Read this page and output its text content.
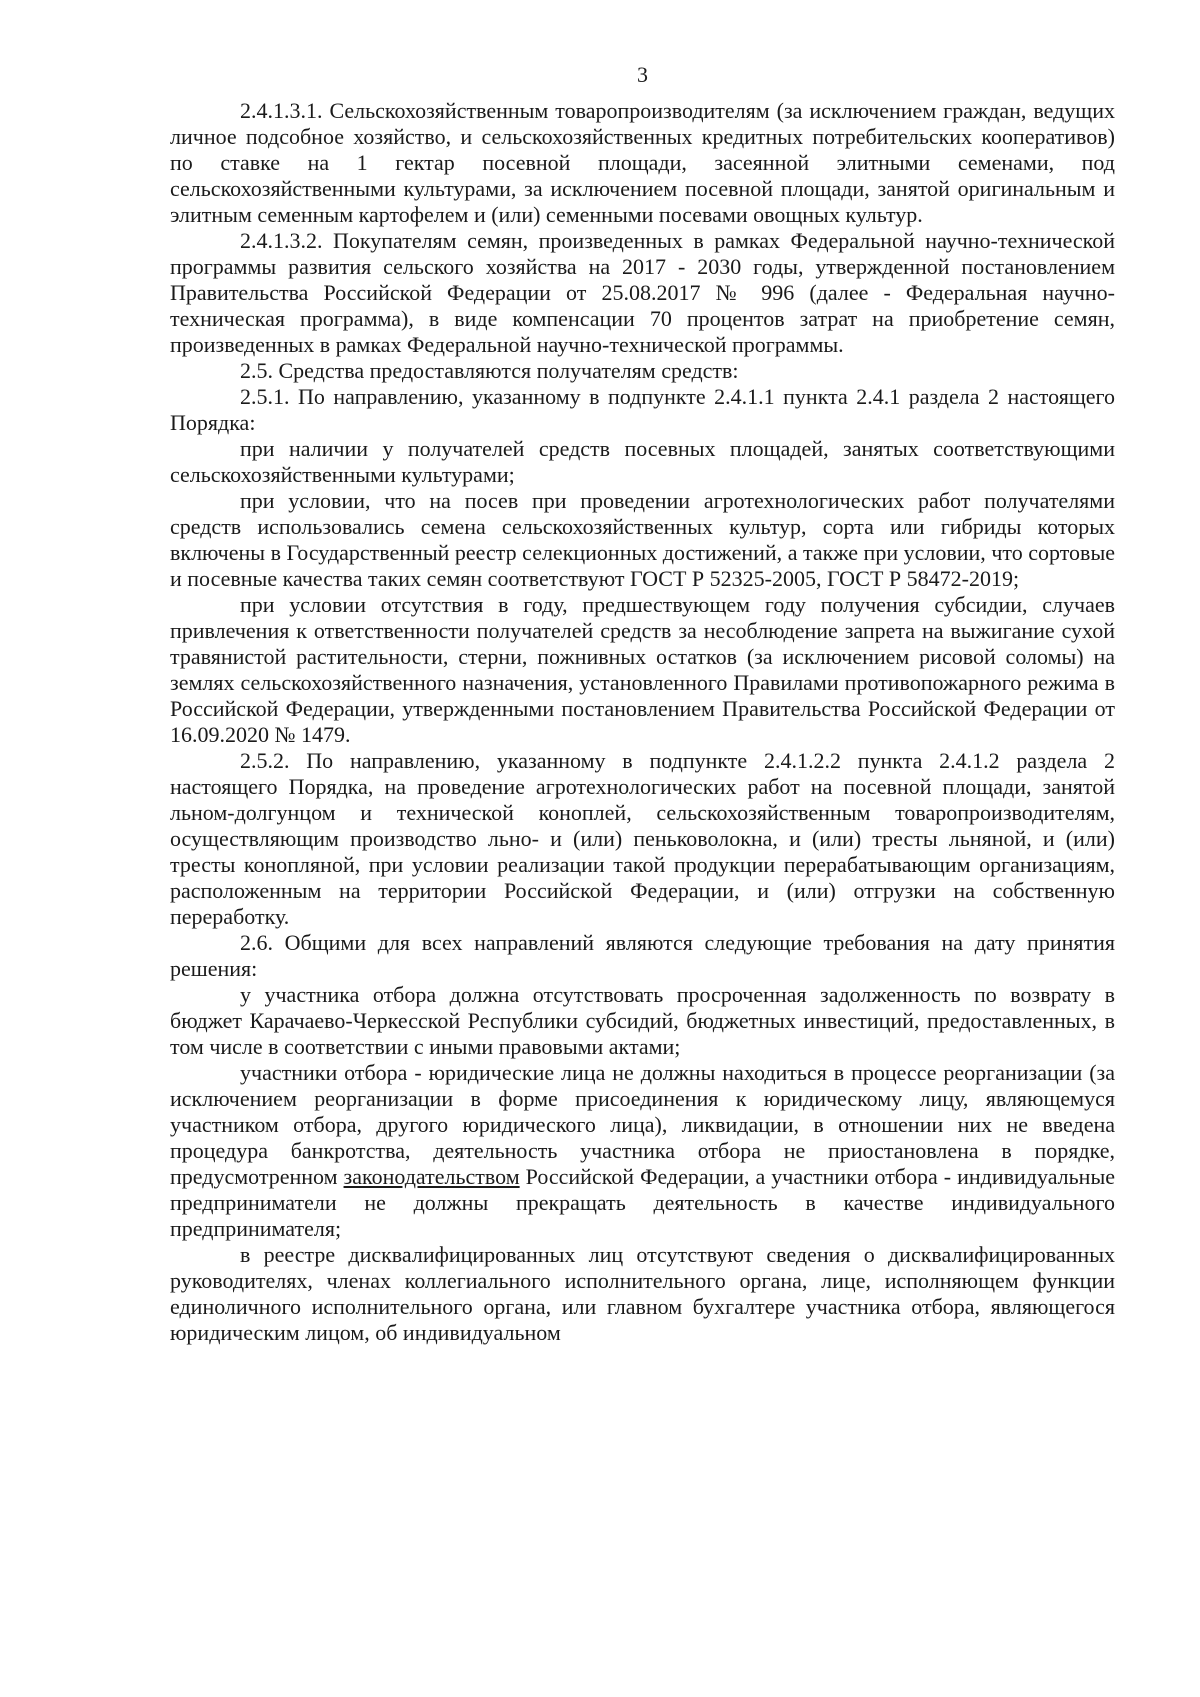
3

2.4.1.3.1. Сельскохозяйственным товаропроизводителям (за исключением граждан, ведущих личное подсобное хозяйство, и сельскохозяйственных кредитных потребительских кооперативов) по ставке на 1 гектар посевной площади, засеянной элитными семенами, под сельскохозяйственными культурами, за исключением посевной площади, занятой оригинальным и элитным семенным картофелем и (или) семенными посевами овощных культур.

2.4.1.3.2. Покупателям семян, произведенных в рамках Федеральной научно-технической программы развития сельского хозяйства на 2017 - 2030 годы, утвержденной постановлением Правительства Российской Федерации от 25.08.2017 № 996 (далее - Федеральная научно-техническая программа), в виде компенсации 70 процентов затрат на приобретение семян, произведенных в рамках Федеральной научно-технической программы.

2.5. Средства предоставляются получателям средств:

2.5.1. По направлению, указанному в подпункте 2.4.1.1 пункта 2.4.1 раздела 2 настоящего Порядка:

при наличии у получателей средств посевных площадей, занятых соответствующими сельскохозяйственными культурами;

при условии, что на посев при проведении агротехнологических работ получателями средств использовались семена сельскохозяйственных культур, сорта или гибриды которых включены в Государственный реестр селекционных достижений, а также при условии, что сортовые и посевные качества таких семян соответствуют ГОСТ Р 52325-2005, ГОСТ Р 58472-2019;

при условии отсутствия в году, предшествующем году получения субсидии, случаев привлечения к ответственности получателей средств за несоблюдение запрета на выжигание сухой травянистой растительности, стерни, пожнивных остатков (за исключением рисовой соломы) на землях сельскохозяйственного назначения, установленного Правилами противопожарного режима в Российской Федерации, утвержденными постановлением Правительства Российской Федерации от 16.09.2020 № 1479.

2.5.2. По направлению, указанному в подпункте 2.4.1.2.2 пункта 2.4.1.2 раздела 2 настоящего Порядка, на проведение агротехнологических работ на посевной площади, занятой льном-долгунцом и технической коноплей, сельскохозяйственным товаропроизводителям, осуществляющим производство льно- и (или) пеньковолокна, и (или) тресты льняной, и (или) тресты конопляной, при условии реализации такой продукции перерабатывающим организациям, расположенным на территории Российской Федерации, и (или) отгрузки на собственную переработку.

2.6. Общими для всех направлений являются следующие требования на дату принятия решения:

у участника отбора должна отсутствовать просроченная задолженность по возврату в бюджет Карачаево-Черкесской Республики субсидий, бюджетных инвестиций, предоставленных, в том числе в соответствии с иными правовыми актами;

участники отбора - юридические лица не должны находиться в процессе реорганизации (за исключением реорганизации в форме присоединения к юридическому лицу, являющемуся участником отбора, другого юридического лица), ликвидации, в отношении них не введена процедура банкротства, деятельность участника отбора не приостановлена в порядке, предусмотренном законодательством Российской Федерации, а участники отбора - индивидуальные предприниматели не должны прекращать деятельность в качестве индивидуального предпринимателя;

в реестре дисквалифицированных лиц отсутствуют сведения о дисквалифицированных руководителях, членах коллегиального исполнительного органа, лице, исполняющем функции единоличного исполнительного органа, или главном бухгалтере участника отбора, являющегося юридическим лицом, об индивидуальном
